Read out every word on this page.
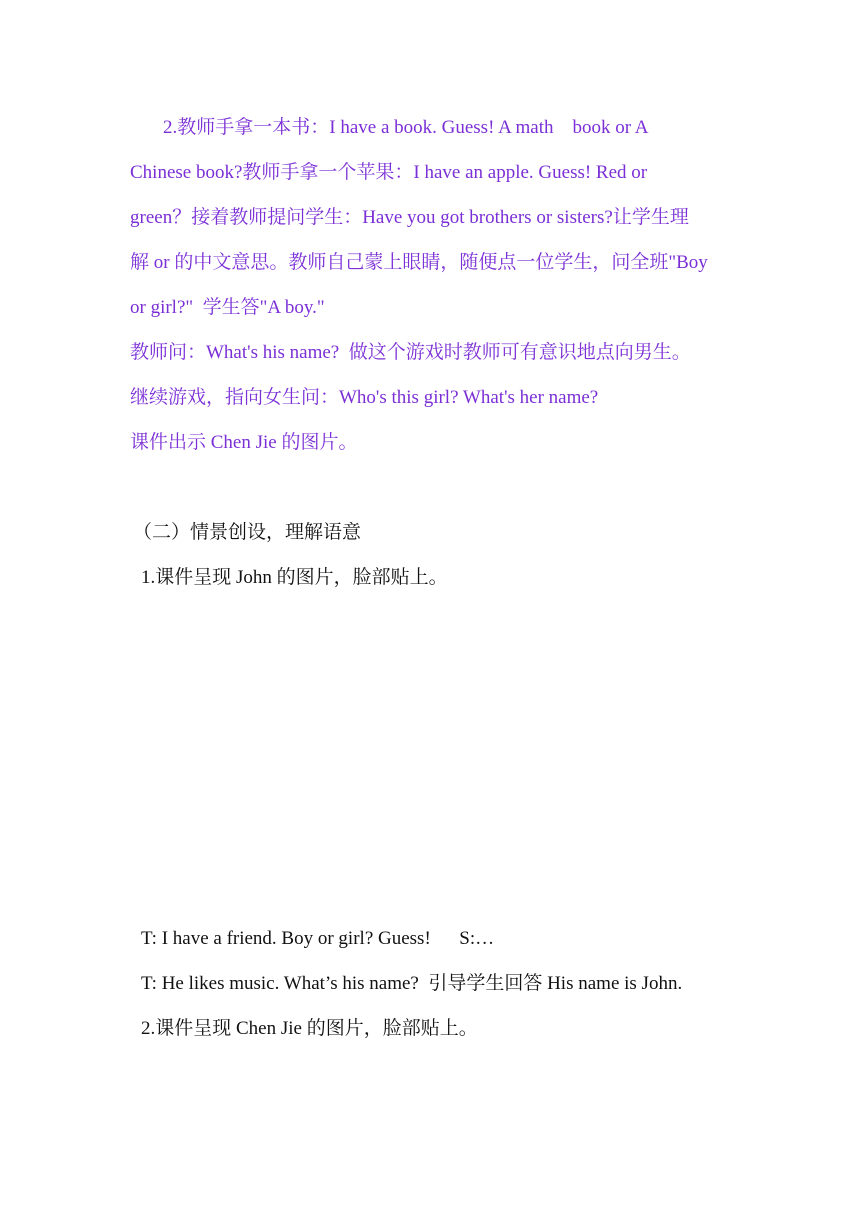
2.教师手拿一本书：I have a book. Guess! A math    book or A
Chinese book?教师手拿一个苹果：I have an apple. Guess! Red or
green？接着教师提问学生：Have you got brothers or sisters?让学生理
解 or 的中文意思。教师自己蒙上眼睛，随便点一位学生，问全班"Boy
or girl?"  学生答"A boy."
教师问：What's his name?  做这个游戏时教师可有意识地点向男生。
继续游戏，指向女生问：Who's this girl? What's her name?
课件出示 Chen Jie 的图片。
（二）情景创设，理解语意
1.课件呈现 John 的图片，脸部贴上。
T: I have a friend. Boy or girl? Guess!      S:…
T: He likes music. What’s his name?  引导学生回答 His name is John.
2.课件呈现 Chen Jie 的图片，脸部贴上。
